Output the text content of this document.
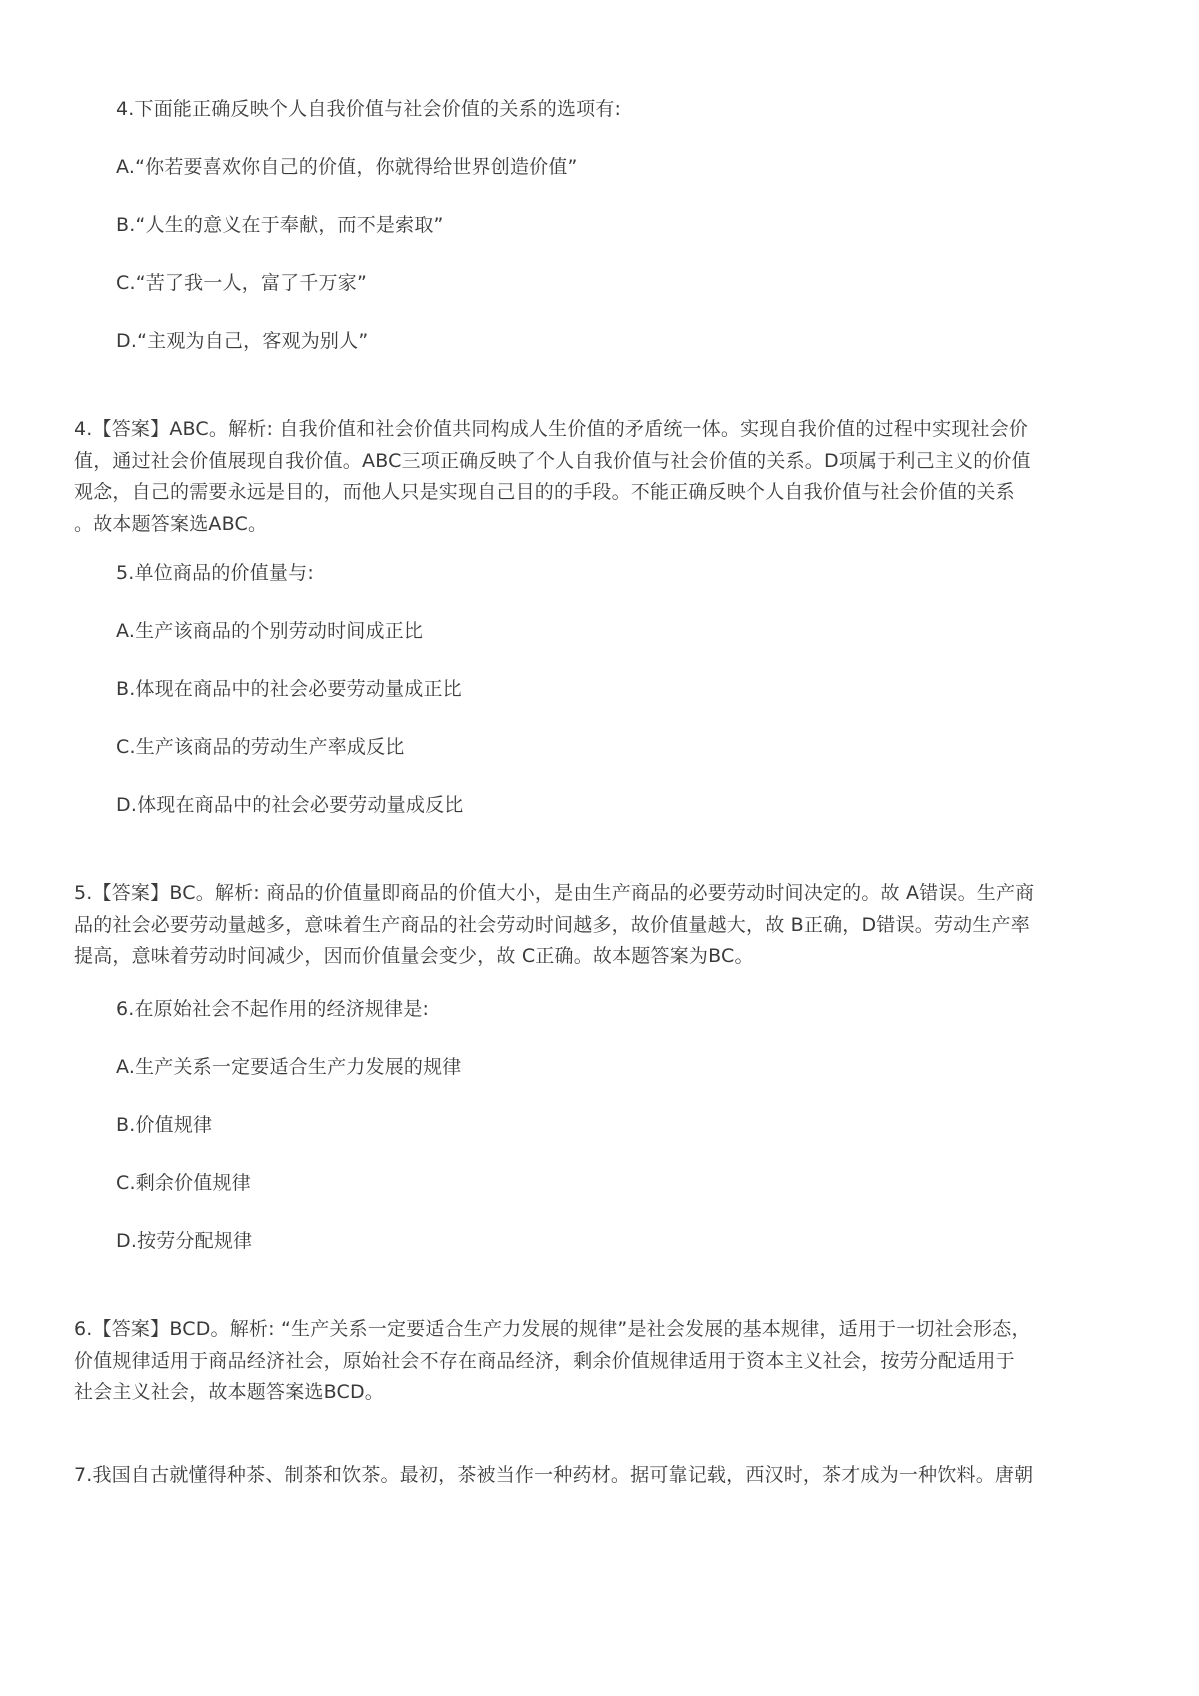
4.下面能正确反映个人自我价值与社会价值的关系的选项有:
A.“你若要喜欢你自己的价值，你就得给世界创造价值”
B.“人生的意义在于奉献，而不是索取”
C.“苦了我一人，富了千万家”
D.“主观为自己，客观为别人”
4.【答案】ABC。解析: 自我价值和社会价值共同构成人生价值的矛盾统一体。实现自我价值的过程中实现社会价
值，通过社会价值展现自我价值。ABC三项正确反映了个人自我价值与社会价值的关系。D项属于利己主义的价值
观念，自己的需要永远是目的，而他人只是实现自己目的的手段。不能正确反映个人自我价值与社会价值的关系
。故本题答案选ABC。
5.单位商品的价值量与:
A.生产该商品的个别劳动时间成正比
B.体现在商品中的社会必要劳动量成正比
C.生产该商品的劳动生产率成反比
D.体现在商品中的社会必要劳动量成反比
5.【答案】BC。解析: 商品的价值量即商品的价值大小，是由生产商品的必要劳动时间决定的。故 A错误。生产商
品的社会必要劳动量越多，意味着生产商品的社会劳动时间越多，故价值量越大，故 B正确，D错误。劳动生产率
提高，意味着劳动时间减少，因而价值量会变少，故 C正确。故本题答案为BC。
6.在原始社会不起作用的经济规律是:
A.生产关系一定要适合生产力发展的规律
B.价值规律
C.剩余价值规律
D.按劳分配规律
6.【答案】BCD。解析: “生产关系一定要适合生产力发展的规律”是社会发展的基本规律，适用于一切社会形态，
价值规律适用于商品经济社会，原始社会不存在商品经济，剩余价值规律适用于资本主义社会，按劳分配适用于
社会主义社会，故本题答案选BCD。
7.我国自古就懂得种茶、制茶和饮茶。最初，茶被当作一种药材。据可靠记载，西汉时，茶才成为一种饮料。唐朝
